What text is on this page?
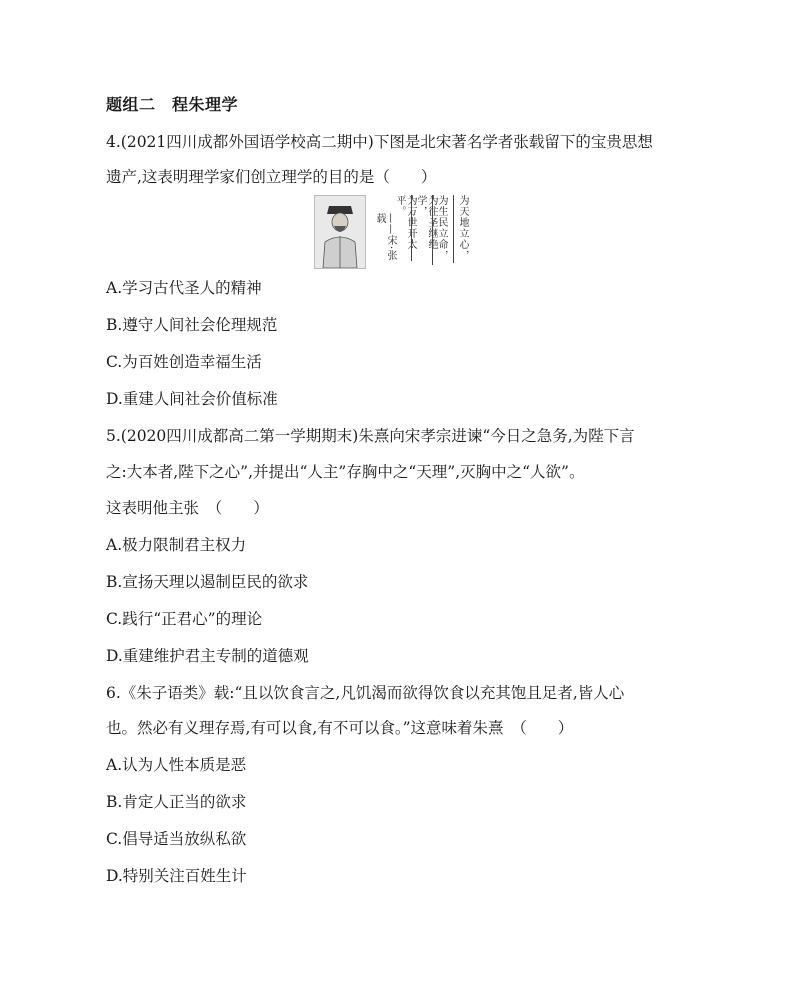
题组二　程朱理学
4.(2021四川成都外国语学校高二期中)下图是北宋著名学者张载留下的宝贵思想
遗产,这表明理学家们创立理学的目的是（　　）
——宋·张载
平。
学，	为生民立命， 为天地立心，
A.学习古代圣人的精神
B.遵守人间社会伦理规范
C.为百姓创造幸福生活
D.重建人间社会价值标准
5.(2020四川成都高二第一学期期末)朱熹向宋孝宗进谏“今日之急务,为陛下言
之:大本者,陛下之心”,并提出“人主”存胸中之“天理”,灭胸中之“人欲”。
这表明他主张　（　　）
A.极力限制君主权力
B.宣扬天理以遏制臣民的欲求
C.践行“正君心”的理论
D.重建维护君主专制的道德观
6.《朱子语类》载:“且以饮食言之,凡饥渴而欲得饮食以充其饱且足者,皆人心
也。然必有义理存焉,有可以食,有不可以食。”这意味着朱熹　（　　）
A.认为人性本质是恶
B.肯定人正当的欲求
C.倡导适当放纵私欲
D.特别关注百姓生计
